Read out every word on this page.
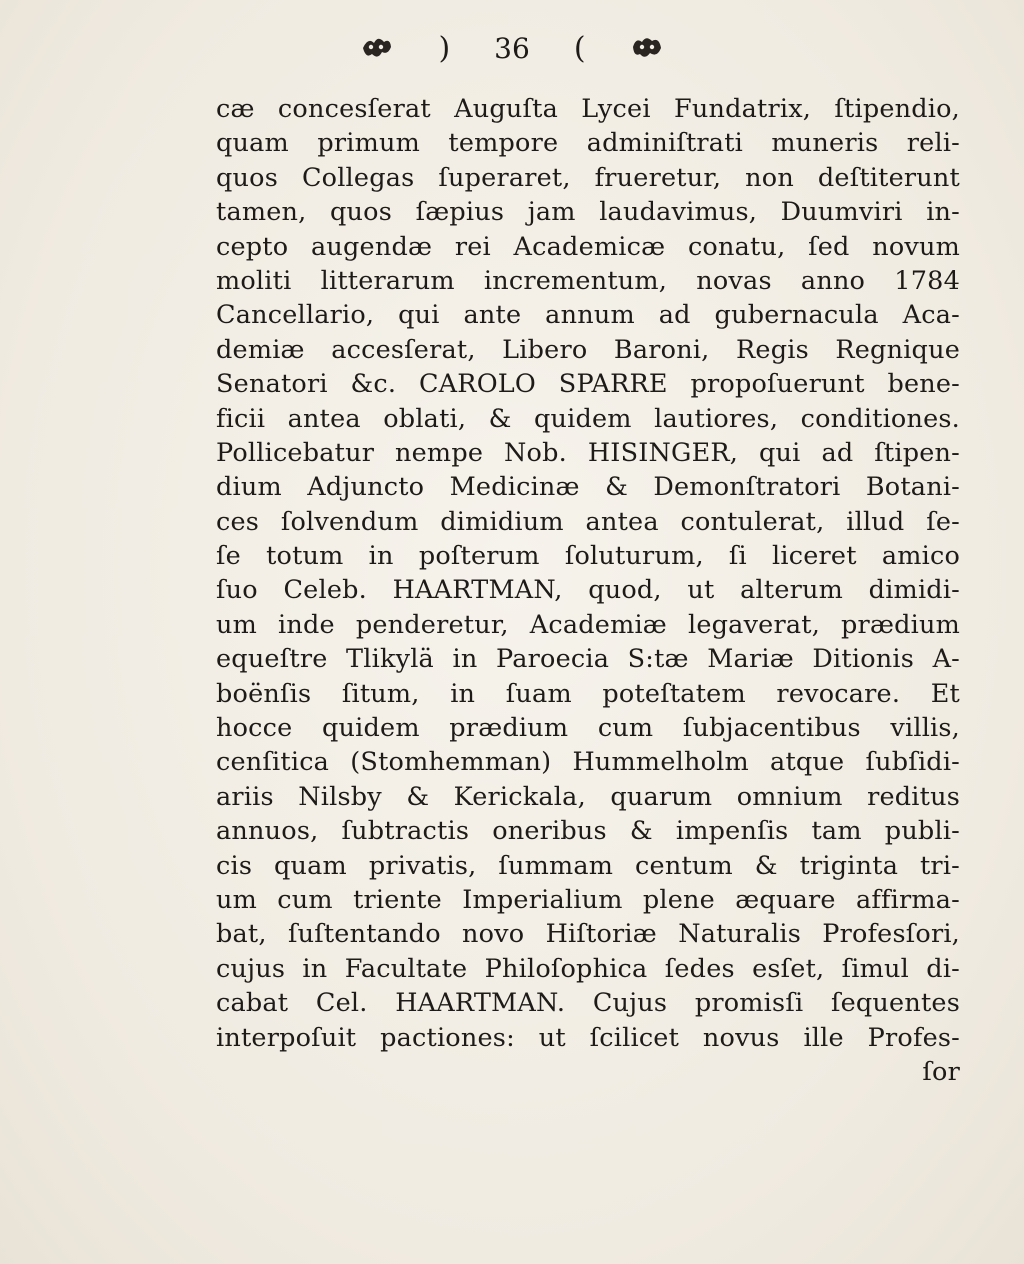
) 36 (
cæ concesſerat Auguſta Lycei Fundatrix, ſtipendio,
quam primum tempore adminiſtrati muneris reli-
quos Collegas ſuperaret, frueretur, non deſtiterunt
tamen, quos ſæpius jam laudavimus, Duumviri in-
cepto augendæ rei Academicæ conatu, ſed novum
moliti litterarum incrementum, novas anno 1784
Cancellario, qui ante annum ad gubernacula Aca-
demiæ accesſerat, Libero Baroni, Regis Regnique
Senatori &c. CAROLO SPARRE propoſuerunt bene-
ficii antea oblati, & quidem lautiores, conditiones.
Pollicebatur nempe Nob. HISINGER, qui ad ſtipen-
dium Adjuncto Medicinæ & Demonſtratori Botani-
ces ſolvendum dimidium antea contulerat, illud ſe-
ſe totum in poſterum ſoluturum, ſi liceret amico
ſuo Celeb. HAARTMAN, quod, ut alterum dimidi-
um inde penderetur, Academiæ legaverat, prædium
equeſtre Tlikylä in Paroecia S:tæ Mariæ Ditionis A-
boënſis ſitum, in ſuam poteſtatem revocare. Et
hocce quidem prædium cum ſubjacentibus villis,
cenſitica (Stomhemman) Hummelholm atque ſubſidi-
ariis Nilsby & Kerickala, quarum omnium reditus
annuos, ſubtractis oneribus & impenſis tam publi-
cis quam privatis, ſummam centum & triginta tri-
um cum triente Imperialium plene æquare affirma-
bat, ſuſtentando novo Hiſtoriæ Naturalis Profesſori,
cujus in Facultate Philoſophica ſedes esſet, ſimul di-
cabat Cel. HAARTMAN. Cujus promisſi ſequentes
interpoſuit pactiones: ut ſcilicet novus ille Profes-
ſor
